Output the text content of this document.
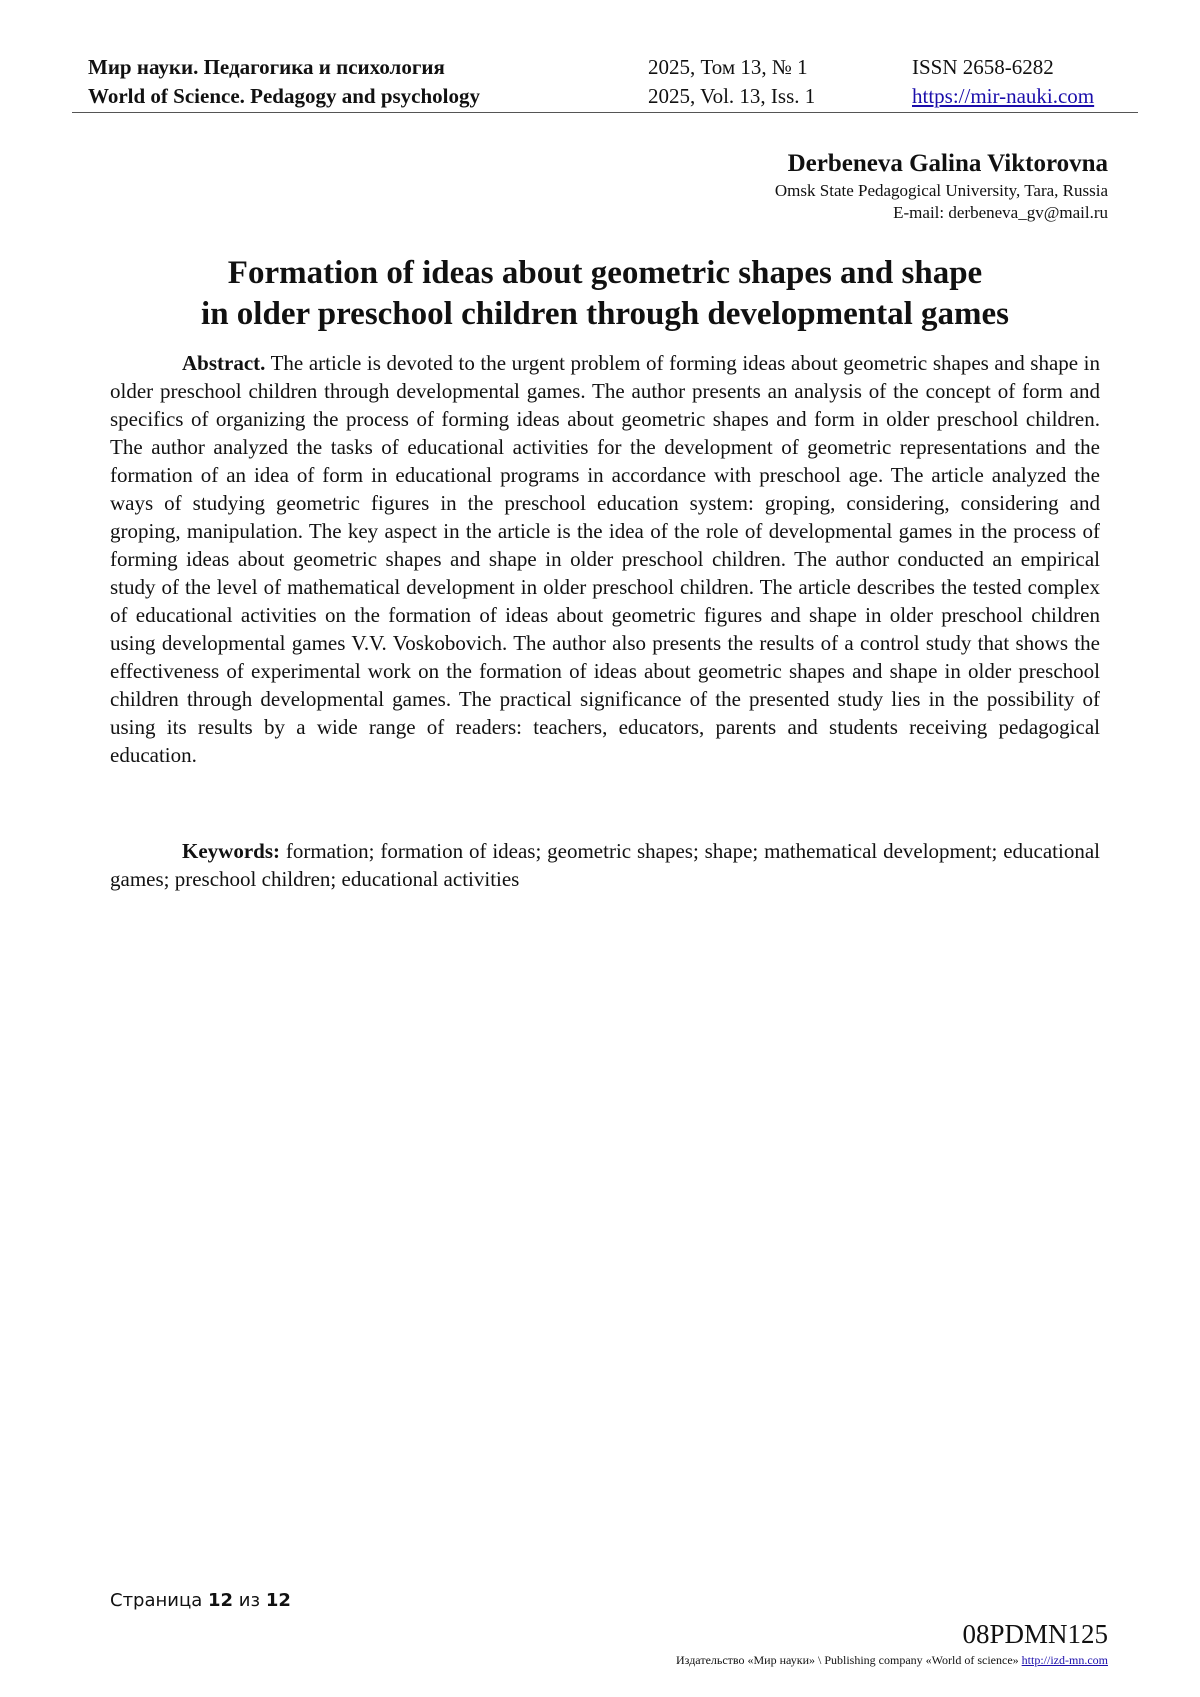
Мир науки. Педагогика и психология
World of Science. Pedagogy and psychology
2025, Том 13, № 1
2025, Vol. 13, Iss. 1
ISSN 2658-6282
https://mir-nauki.com
Derbeneva Galina Viktorovna
Omsk State Pedagogical University, Tara, Russia
E-mail: derbeneva_gv@mail.ru
Formation of ideas about geometric shapes and shape
in older preschool children through developmental games

Abstract. The article is devoted to the urgent problem of forming ideas about geometric shapes and shape in older preschool children through developmental games. The author presents an analysis of the concept of form and specifics of organizing the process of forming ideas about geometric shapes and form in older preschool children. The author analyzed the tasks of educational activities for the development of geometric representations and the formation of an idea of form in educational programs in accordance with preschool age. The article analyzed the ways of studying geometric figures in the preschool education system: groping, considering, considering and groping, manipulation. The key aspect in the article is the idea of the role of developmental games in the process of forming ideas about geometric shapes and shape in older preschool children. The author conducted an empirical study of the level of mathematical development in older preschool children. The article describes the tested complex of educational activities on the formation of ideas about geometric figures and shape in older preschool children using developmental games V.V. Voskobovich. The author also presents the results of a control study that shows the effectiveness of experimental work on the formation of ideas about geometric shapes and shape in older preschool children through developmental games. The practical significance of the presented study lies in the possibility of using its results by a wide range of readers: teachers, educators, parents and students receiving pedagogical education.

Keywords: formation; formation of ideas; geometric shapes; shape; mathematical development; educational games; preschool children; educational activities

Страница 12 из 12
08PDMN125
Издательство «Мир науки» \ Publishing company «World of science» http://izd-mn.com
